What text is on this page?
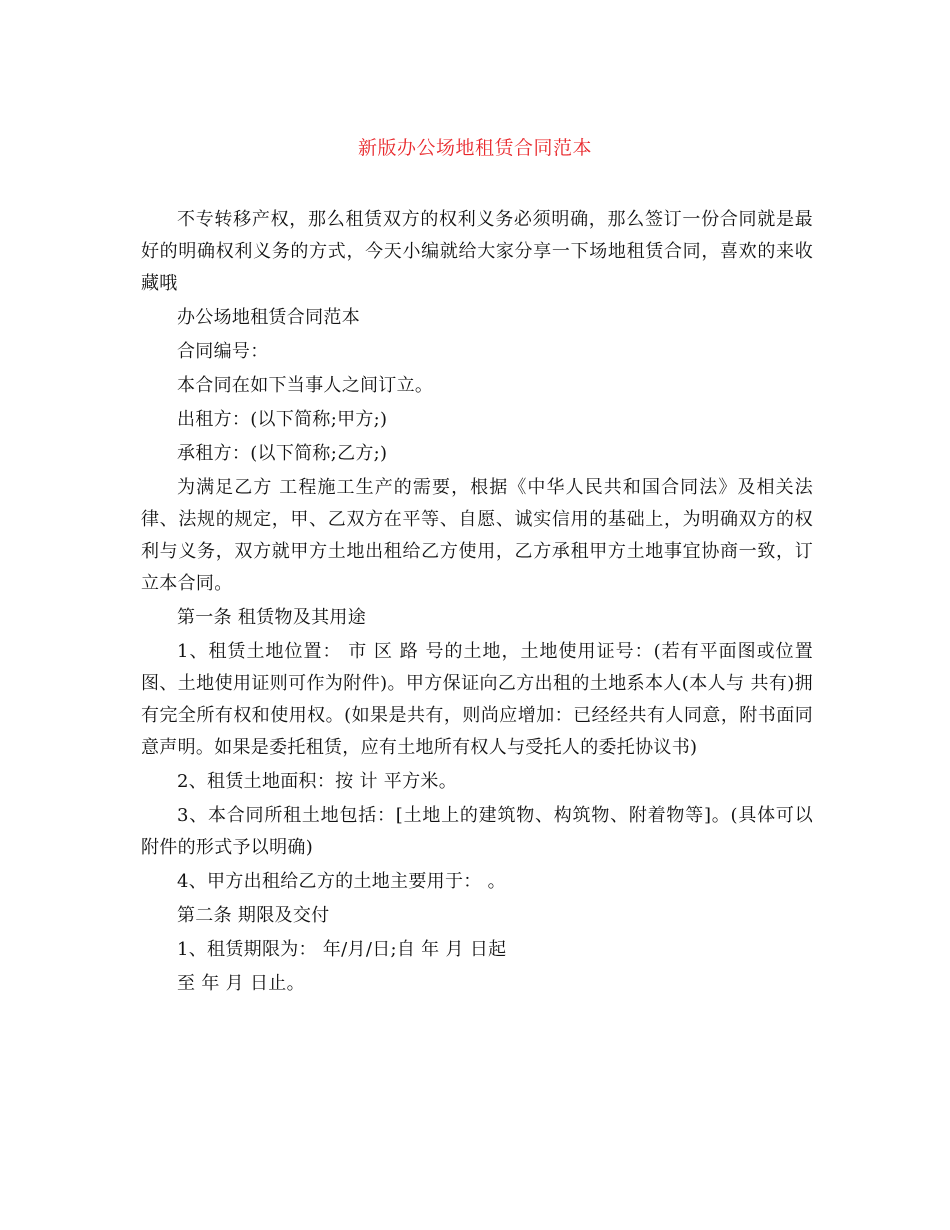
新版办公场地租赁合同范本

不专转移产权，那么租赁双方的权利义务必须明确，那么签订一份合同就是最好的明确权利义务的方式，今天小编就给大家分享一下场地租赁合同，喜欢的来收藏哦

办公场地租赁合同范本

合同编号：

本合同在如下当事人之间订立。

出租方：(以下简称;甲方;)

承租方：(以下简称;乙方;)

为满足乙方 工程施工生产的需要，根据《中华人民共和国合同法》及相关法律、法规的规定，甲、乙双方在平等、自愿、诚实信用的基础上，为明确双方的权利与义务，双方就甲方土地出租给乙方使用，乙方承租甲方土地事宜协商一致，订立本合同。

第一条 租赁物及其用途

1、租赁土地位置： 市 区 路 号的土地，土地使用证号：(若有平面图或位置图、土地使用证则可作为附件)。甲方保证向乙方出租的土地系本人(本人与 共有)拥有完全所有权和使用权。(如果是共有，则尚应增加：已经经共有人同意，附书面同意声明。如果是委托租赁，应有土地所有权人与受托人的委托协议书)

2、租赁土地面积：按 计 平方米。

3、本合同所租土地包括：[土地上的建筑物、构筑物、附着物等]。(具体可以附件的形式予以明确)

4、甲方出租给乙方的土地主要用于： 。

第二条 期限及交付

1、租赁期限为： 年/月/日;自 年 月 日起

至 年 月 日止。
